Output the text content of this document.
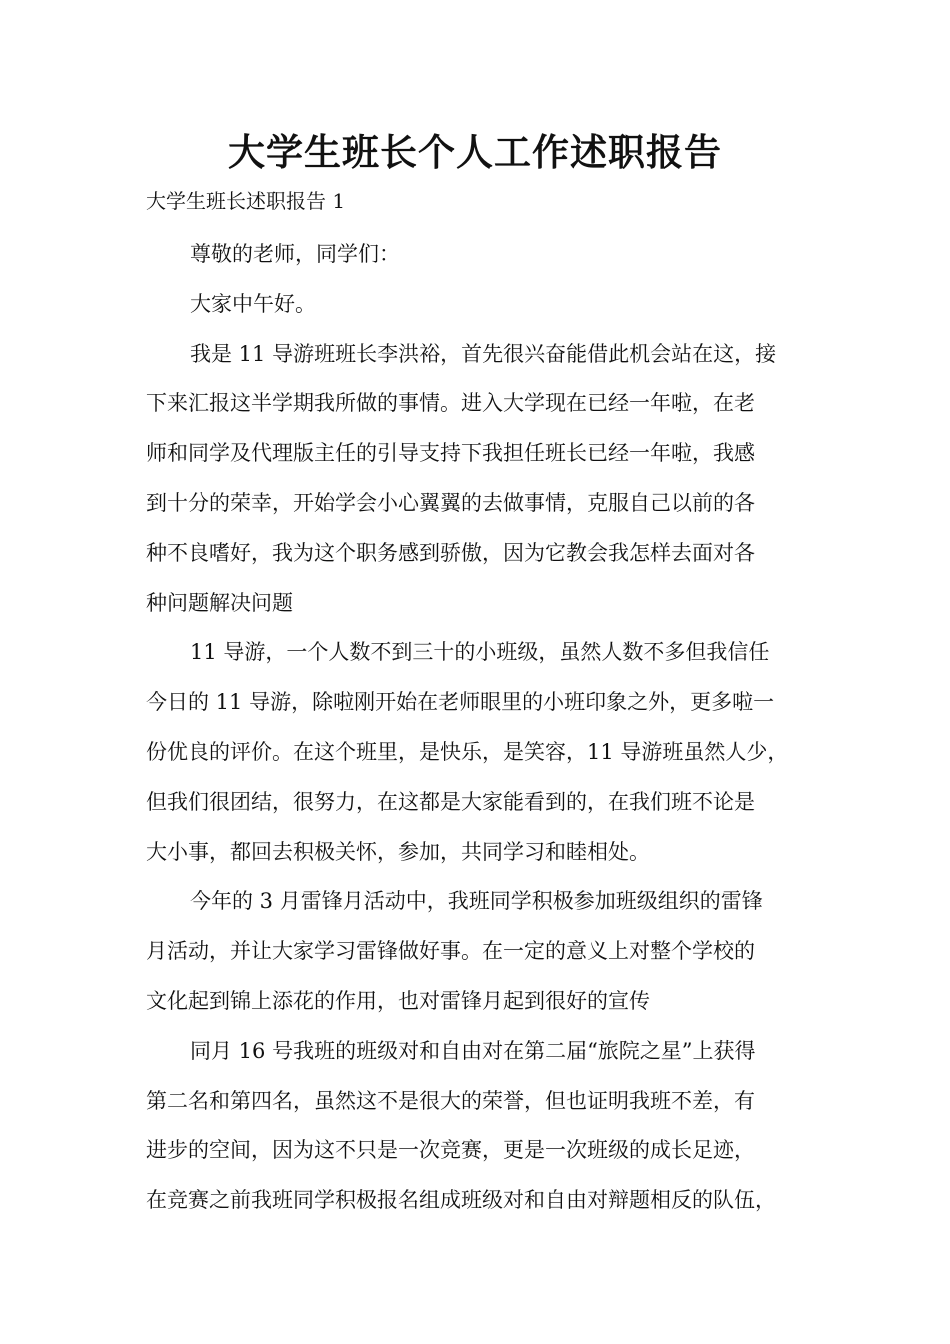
大学生班长个人工作述职报告
大学生班长述职报告 1
尊敬的老师，同学们：
大家中午好。
我是 11 导游班班长李洪裕，首先很兴奋能借此机会站在这，接
下来汇报这半学期我所做的事情。进入大学现在已经一年啦，在老
师和同学及代理版主任的引导支持下我担任班长已经一年啦，我感
到十分的荣幸，开始学会小心翼翼的去做事情，克服自己以前的各
种不良嗜好，我为这个职务感到骄傲，因为它教会我怎样去面对各
种问题解决问题
11 导游，一个人数不到三十的小班级，虽然人数不多但我信任
今日的 11 导游，除啦刚开始在老师眼里的小班印象之外，更多啦一
份优良的评价。在这个班里，是快乐，是笑容，11 导游班虽然人少，
但我们很团结，很努力，在这都是大家能看到的，在我们班不论是
大小事，都回去积极关怀，参加，共同学习和睦相处。
今年的 3 月雷锋月活动中，我班同学积极参加班级组织的雷锋
月活动，并让大家学习雷锋做好事。在一定的意义上对整个学校的
文化起到锦上添花的作用，也对雷锋月起到很好的宣传
同月 16 号我班的班级对和自由对在第二届“旅院之星”上获得
第二名和第四名，虽然这不是很大的荣誉，但也证明我班不差，有
进步的空间，因为这不只是一次竞赛，更是一次班级的成长足迹，
在竞赛之前我班同学积极报名组成班级对和自由对辩题相反的队伍，
